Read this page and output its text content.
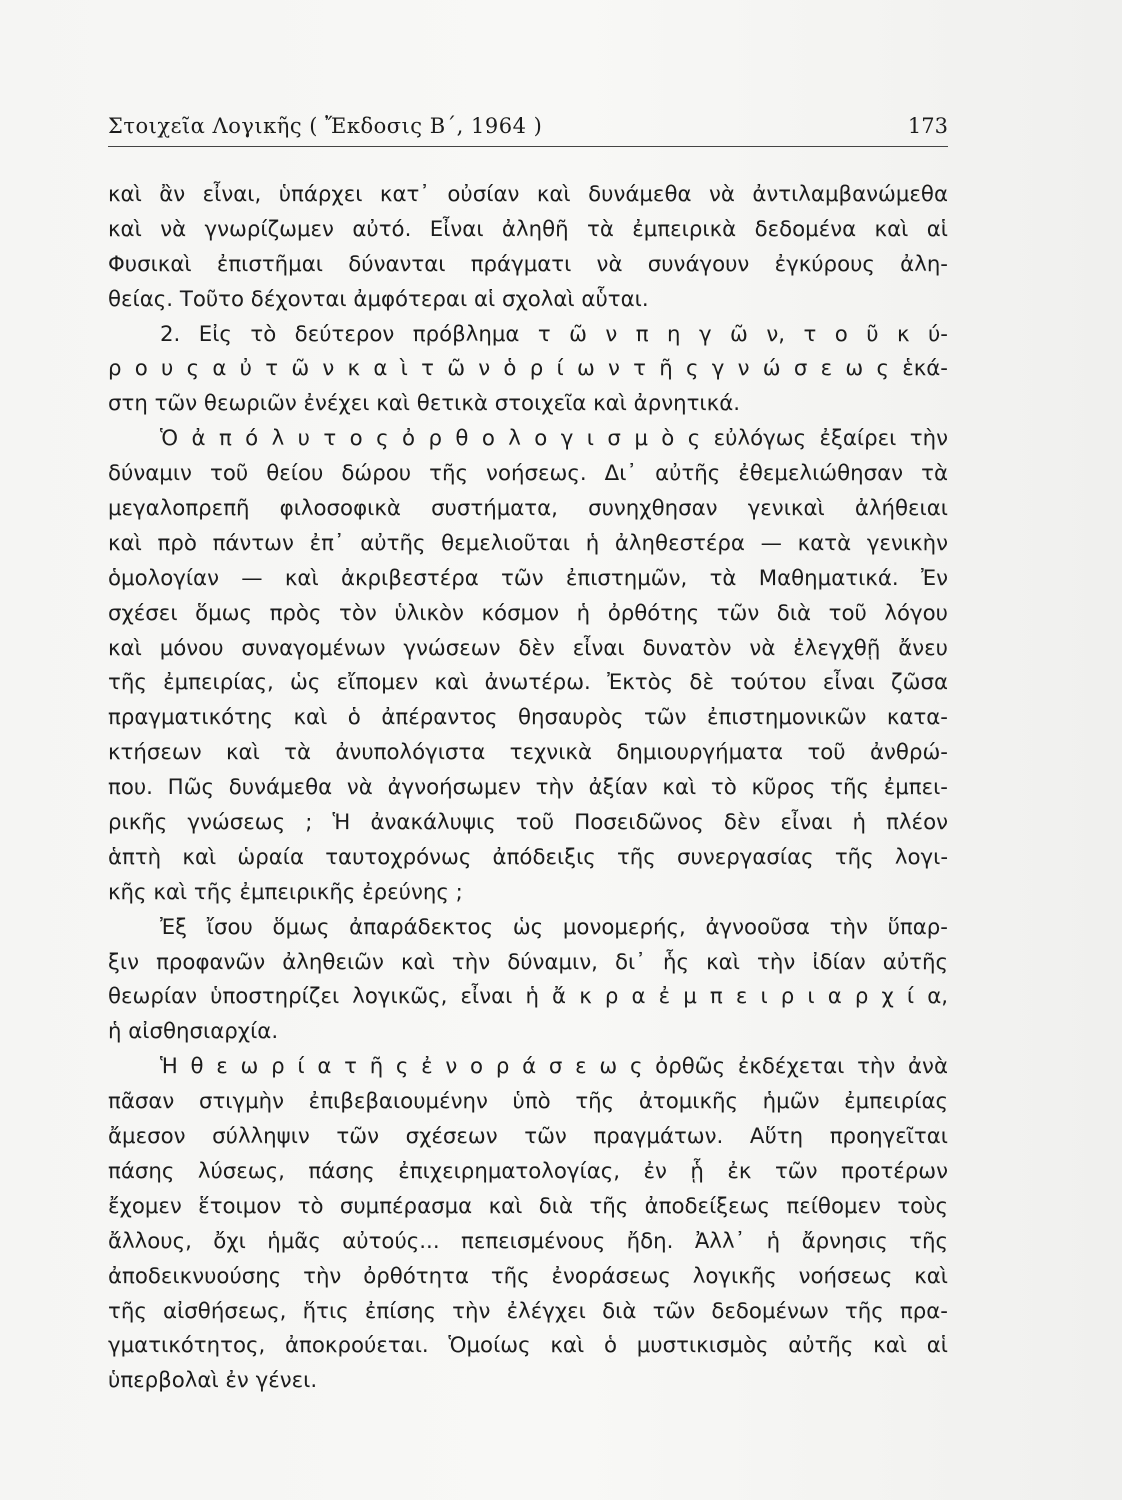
Στοιχεῖα Λογικῆς ( Ἔκδοσις Β΄, 1964 )	173
καὶ ἂν εἶναι, ὑπάρχει κατ᾽ οὐσίαν καὶ δυνάμεθα νὰ ἀντιλαμβανώμεθα
καὶ νὰ γνωρίζωμεν αὐτό. Εἶναι ἀληθῆ τὰ ἐμπειρικὰ δεδομένα καὶ αἱ
Φυσικαὶ ἐπιστῆμαι δύνανται πράγματι νὰ συνάγουν ἐγκύρους ἀλη-
θείας. Τοῦτο δέχονται ἀμφότεραι αἱ σχολαὶ αὗται.
2. Εἰς τὸ δεύτερον πρόβλημα τ ῶ ν π η γ ῶ ν, τ ο ῦ κ ύ-
ρ ο υ ς α ὐ τ ῶ ν κ α ὶ τ ῶ ν ὁ ρ ί ω ν τ ῆ ς γ ν ώ σ ε ω ς ἑκά-
στη τῶν θεωριῶν ἐνέχει καὶ θετικὰ στοιχεῖα καὶ ἀρνητικά.
Ὁ ἀ π ό λ υ τ ο ς ὀ ρ θ ο λ ο γ ι σ μ ὸ ς εὐλόγως ἐξαίρει τὴν
δύναμιν τοῦ θείου δώρου τῆς νοήσεως. Δι᾽ αὐτῆς ἐθεμελιώθησαν τὰ
μεγαλοπρεπῆ φιλοσοφικὰ συστήματα, συνηχθησαν γενικαὶ ἀλήθειαι
καὶ πρὸ πάντων ἐπ᾽ αὐτῆς θεμελιοῦται ἡ ἀληθεστέρα — κατὰ γενικὴν
ὁμολογίαν — καὶ ἀκριβεστέρα τῶν ἐπιστημῶν, τὰ Μαθηματικά. Ἐν
σχέσει ὅμως πρὸς τὸν ὑλικὸν κόσμον ἡ ὀρθότης τῶν διὰ τοῦ λόγου
καὶ μόνου συναγομένων γνώσεων δὲν εἶναι δυνατὸν νὰ ἐλεγχθῇ ἄνευ
τῆς ἐμπειρίας, ὡς εἴπομεν καὶ ἀνωτέρω. Ἐκτὸς δὲ τούτου εἶναι ζῶσα
πραγματικότης καὶ ὁ ἀπέραντος θησαυρὸς τῶν ἐπιστημονικῶν κατα-
κτήσεων καὶ τὰ ἀνυπολόγιστα τεχνικὰ δημιουργήματα τοῦ ἀνθρώ-
που. Πῶς δυνάμεθα νὰ ἀγνοήσωμεν τὴν ἀξίαν καὶ τὸ κῦρος τῆς ἐμπει-
ρικῆς γνώσεως ; Ἡ ἀνακάλυψις τοῦ Ποσειδῶνος δὲν εἶναι ἡ πλέον
ἁπτὴ καὶ ὡραία ταυτοχρόνως ἀπόδειξις τῆς συνεργασίας τῆς λογι-
κῆς καὶ τῆς ἐμπειρικῆς ἐρεύνης ;
Ἐξ ἴσου ὅμως ἀπαράδεκτος ὡς μονομερής, ἀγνοοῦσα τὴν ὕπαρ-
ξιν προφανῶν ἀληθειῶν καὶ τὴν δύναμιν, δι᾽ ἧς καὶ τὴν ἰδίαν αὐτῆς
θεωρίαν ὑποστηρίζει λογικῶς, εἶναι ἡ ἄ κ ρ α ἐ μ π ε ι ρ ι α ρ χ ί α,
ἡ αἰσθησιαρχία.
Ἡ θ ε ω ρ ί α τ ῆ ς ἐ ν ο ρ ά σ ε ω ς ὀρθῶς ἐκδέχεται τὴν ἀνὰ
πᾶσαν στιγμὴν ἐπιβεβαιουμένην ὑπὸ τῆς ἀτομικῆς ἡμῶν ἐμπειρίας
ἄμεσον σύλληψιν τῶν σχέσεων τῶν πραγμάτων. Αὕτη προηγεῖται
πάσης λύσεως, πάσης ἐπιχειρηματολογίας, ἐν ᾗ ἐκ τῶν προτέρων
ἔχομεν ἕτοιμον τὸ συμπέρασμα καὶ διὰ τῆς ἀποδείξεως πείθομεν τοὺς
ἄλλους, ὄχι ἡμᾶς αὐτούς... πεπεισμένους ἤδη. Ἀλλ᾽ ἡ ἄρνησις τῆς
ἀποδεικνυούσης τὴν ὀρθότητα τῆς ἐνοράσεως λογικῆς νοήσεως καὶ
τῆς αἰσθήσεως, ἥτις ἐπίσης τὴν ἐλέγχει διὰ τῶν δεδομένων τῆς πρα-
γματικότητος, ἀποκρούεται. Ὁμοίως καὶ ὁ μυστικισμὸς αὐτῆς καὶ αἱ
ὑπερβολαὶ ἐν γένει.
